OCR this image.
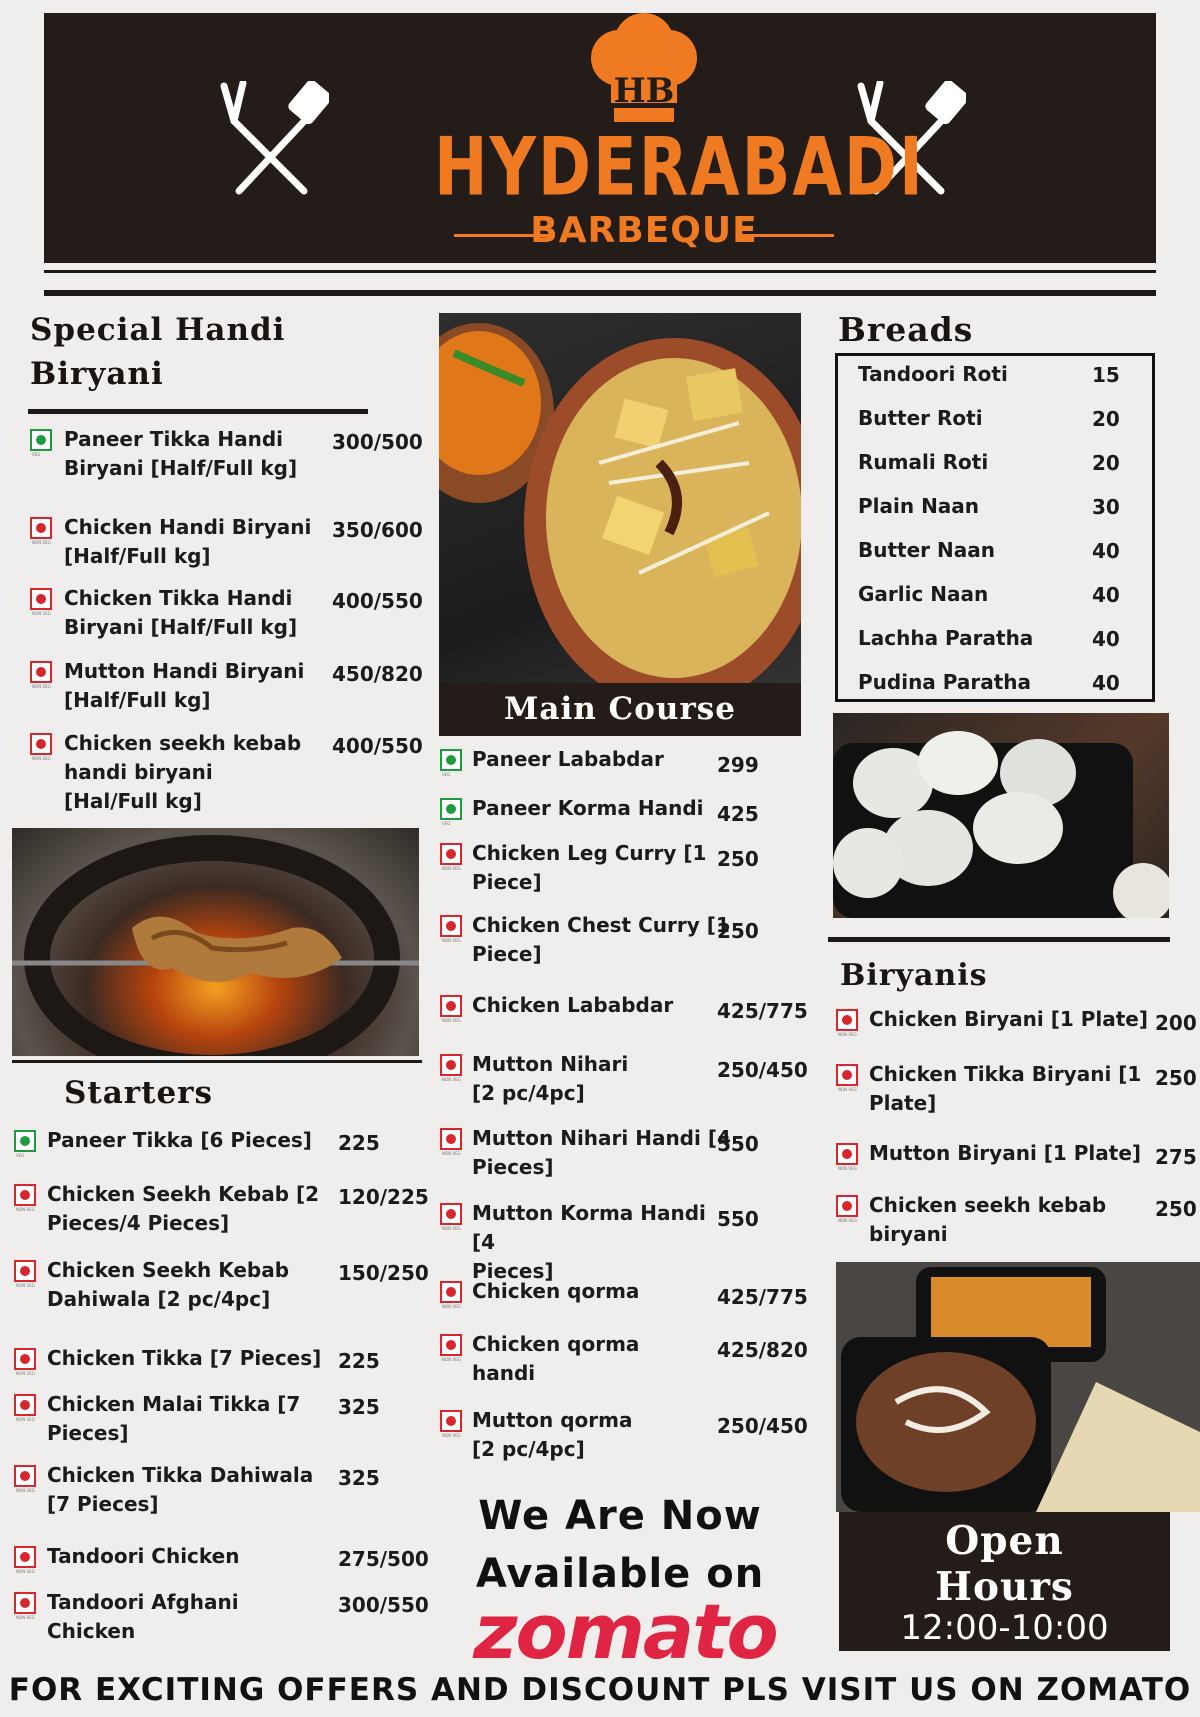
HB
HYDERABADI
BARBEQUE
Special Handi
Biryani
VEG
Paneer Tikka Handi
Biryani [Half/Full kg]
300/500
NON VEG
Chicken Handi Biryani
[Half/Full kg]
350/600
NON VEG
Chicken Tikka Handi
Biryani [Half/Full kg]
400/550
NON VEG
Mutton Handi Biryani
[Half/Full kg]
450/820
NON VEG
Chicken seekh kebab
handi biryani
[Hal/Full kg]
400/550
Starters
VEG
Paneer Tikka [6 Pieces]	225
NON VEG
Chicken Seekh Kebab [2
Pieces/4 Pieces]
120/225
NON VEG
Chicken Seekh Kebab
Dahiwala [2 pc/4pc]
150/250
NON VEG
Chicken Tikka [7 Pieces] 225
NON VEG
Chicken Malai Tikka [7
Pieces]
325
NON VEG
Chicken Tikka Dahiwala
[7 Pieces]
325
NON VEG
Tandoori Chicken	275/500
NON VEG
Tandoori Afghani
Chicken
300/550
Main Course
VEG
Paneer Lababdar	299
VEG
Paneer Korma Handi 425
NON VEG
Chicken Leg Curry [1
Piece]
250
NON VEG
Chicken Chest Curry [1
Piece]
250
NON VEG
Chicken Lababdar	425/775
NON VEG
Mutton Nihari
[2 pc/4pc]
250/450
NON VEG
Mutton Nihari Handi [4
Pieces]
550
NON VEG
Mutton Korma Handi [4
Pieces]
550
NON VEG
Chicken qorma	425/775
NON VEG
Chicken qorma
handi
425/820
NON VEG
Mutton qorma
[2 pc/4pc]
250/450
We Are Now
Available on
zomato
Breads
Tandoori Roti	15
Butter Roti	20
Rumali Roti	20
Plain Naan	30
Butter Naan	40
Garlic Naan	40
Lachha Paratha	40
Pudina Paratha	40
Biryanis
NON VEG
Chicken Biryani [1 Plate] 200
NON VEG
Chicken Tikka Biryani [1
Plate]
250
NON VEG
Mutton Biryani [1 Plate] 275
NON VEG
Chicken seekh kebab
biryani
250
Open
Hours
12:00-10:00
FOR EXCITING OFFERS AND DISCOUNT PLS VISIT US ON ZOMATO
